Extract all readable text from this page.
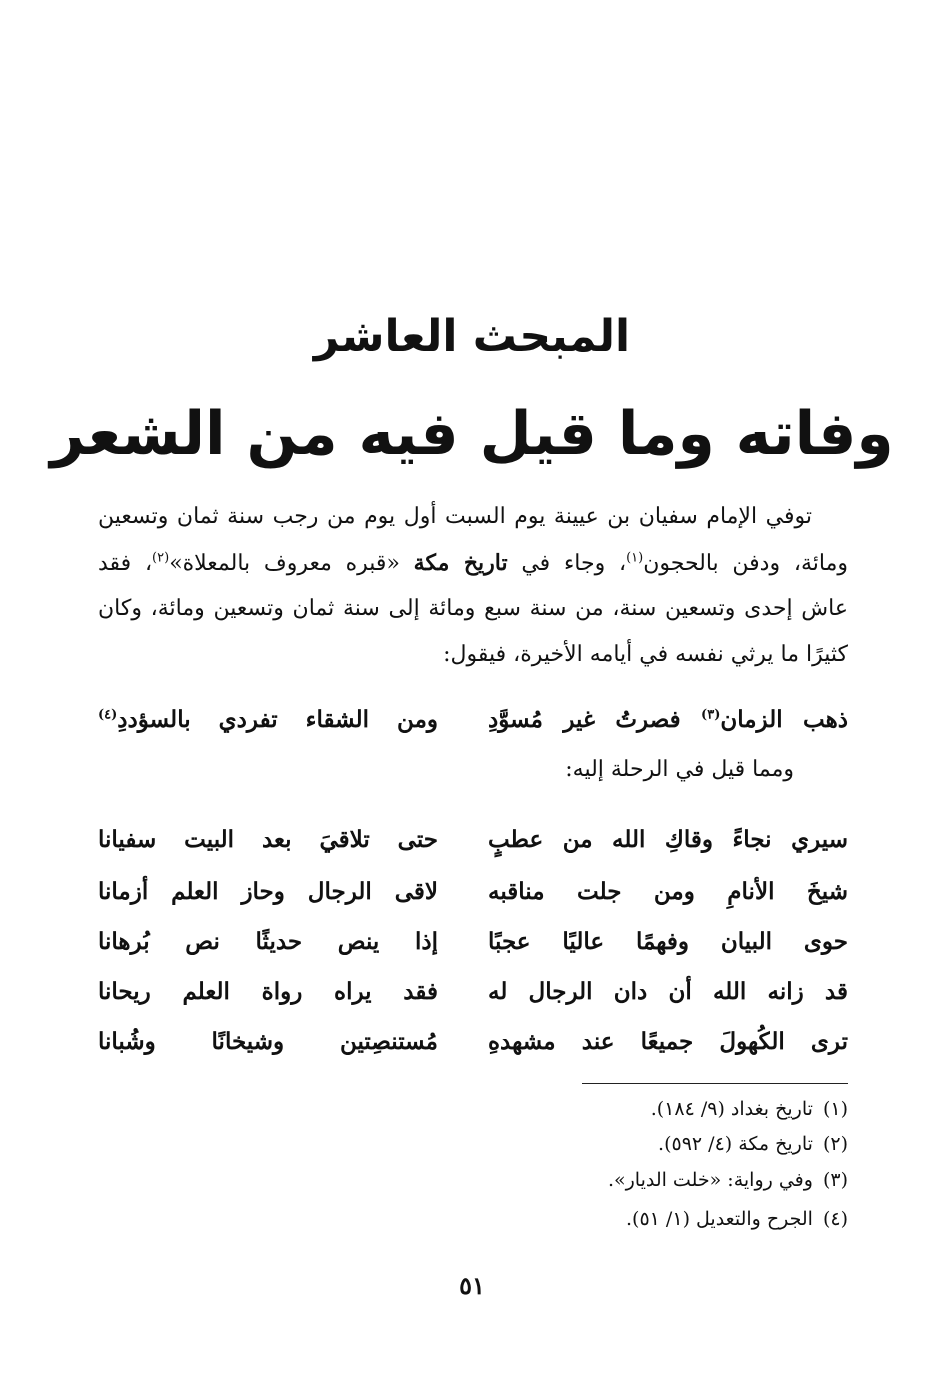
المبحث العاشر
وفاته وما قيل فيه من الشعر
توفي الإمام سفيان بن عيينة يوم السبت أول يوم من رجب سنة ثمان وتسعين
ومائة، ودفن بالحجون$^{(١)}$، وجاء في تاريخ مكة «قبره معروف بالمعلاة»$^{(٢)}$، فقد
عاش إحدى وتسعين سنة، من سنة سبع ومائة إلى سنة ثمان وتسعين ومائة، وكان
كثيرًا ما يرثي نفسه في أيامه الأخيرة، فيقول:
ذهب الزمان$^{(٣)}$ فصرتُ غير مُسوَّدِ
ومن الشقاء تفردي بالسؤددِ$^{(٤)}$
ومما قيل في الرحلة إليه:
سيري نجاءً وقاكِ الله من عطبٍ
حتى تلاقيَ بعد البيت سفيانا
شيخَ الأنامِ ومن جلت مناقبه
لاقى الرجال وحاز العلم أزمانا
حوى البيان وفهمًا عاليًا عجبًا
إذا ينص حديثًا نص بُرهانا
قد زانه الله أن دان الرجال له
فقد يراه رواة العلم ريحانا
ترى الكُهولَ جميعًا عند مشهدهِ
مُستنصِتين وشيخانًا وشُبانا
(١)تاريخ بغداد (٩/ ١٨٤).
(٢)تاريخ مكة (٤/ ٥٩٢).
(٣)وفي رواية: «خلت الديار».
(٤)الجرح والتعديل (١/ ٥١).
٥١
